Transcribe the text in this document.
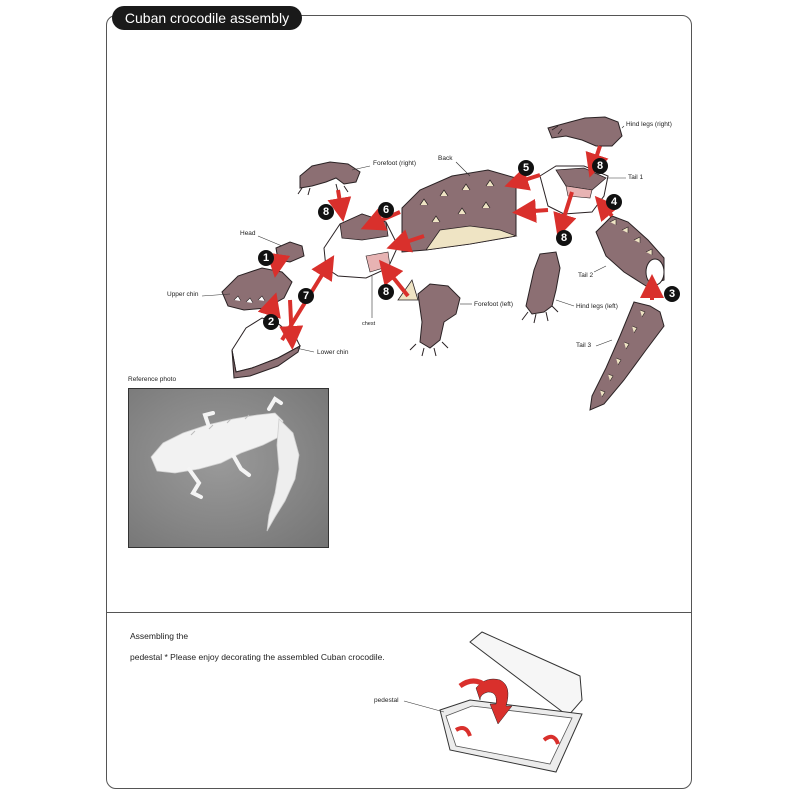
Cuban crocodile assembly
8
5
4
8
3
6
8
8
1
7
2
Hind legs (right)
Forefoot (right)
Back
Tail 1
Head
Upper chin
Lower chin
chest
Forefoot (left)	Hind legs (left)
Tail 2
Tail 3
Reference photo
Assembling the
pedestal * Please enjoy decorating the assembled Cuban crocodile.
pedestal
